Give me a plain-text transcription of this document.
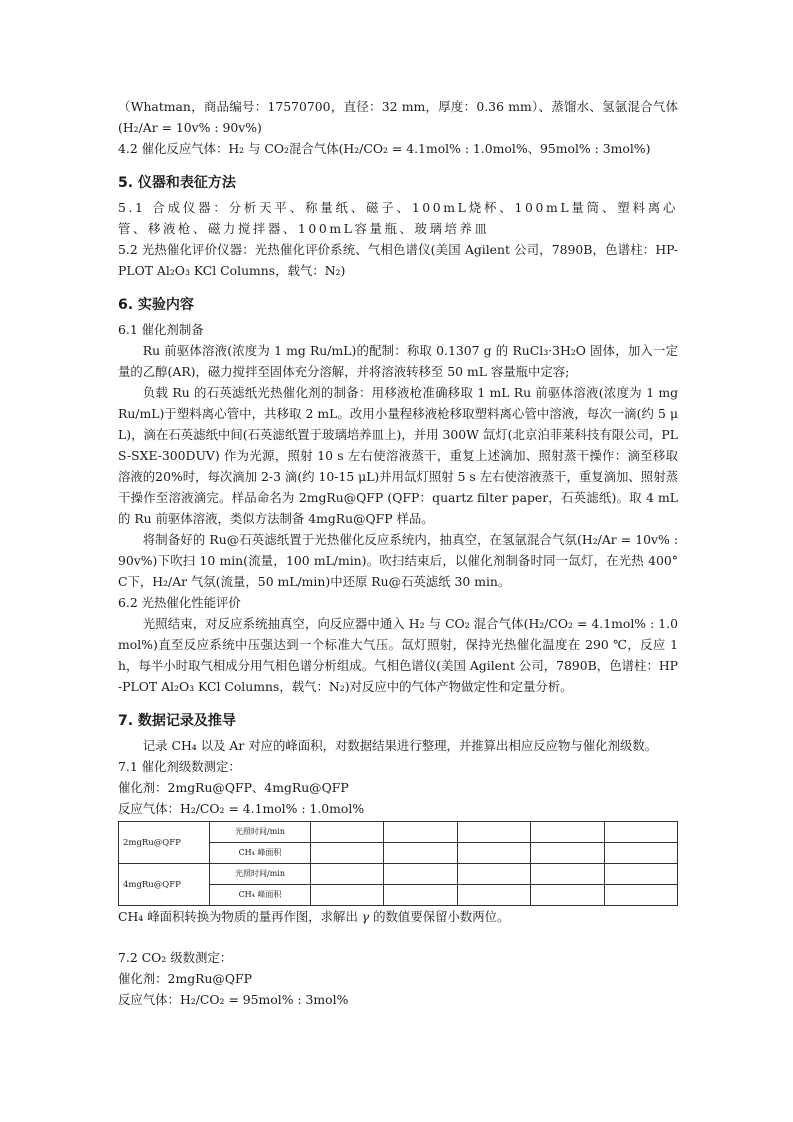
（Whatman，商品编号：17570700，直径：32 mm，厚度：0.36 mm）、蒸馏水、氢氩混合气体(H₂/Ar = 10v% : 90v%)

4.2 催化反应气体：H₂ 与 CO₂混合气体(H₂/CO₂ = 4.1mol% : 1.0mol%、95mol% : 3mol%)

5. 仪器和表征方法

5.1 合成仪器：分析天平、称量纸、磁子、100mL烧杯、100mL量筒、塑料离心管、移液枪、磁力搅拌器、100mL容量瓶、玻璃培养皿

5.2 光热催化评价仪器：光热催化评价系统、气相色谱仪(美国 Agilent 公司，7890B，色谱柱：HP-PLOT Al₂O₃ KCl Columns，载气：N₂)

6. 实验内容

6.1 催化剂制备

Ru 前驱体溶液(浓度为 1 mg Ru/mL)的配制：称取 0.1307 g 的 RuCl₃·3H₂O 固体，加入一定量的乙醇(AR)，磁力搅拌至固体充分溶解，并将溶液转移至 50 mL 容量瓶中定容;

负载 Ru 的石英滤纸光热催化剂的制备：用移液枪准确移取 1 mL Ru 前驱体溶液(浓度为 1 mg Ru/mL)于塑料离心管中，共移取 2 mL。改用小量程移液枪移取塑料离心管中溶液，每次一滴(约 5 μL)，滴在石英滤纸中间(石英滤纸置于玻璃培养皿上)，并用 300W 氙灯(北京泊菲莱科技有限公司，PLS-SXE-300DUV) 作为光源，照射 10 s 左右使溶液蒸干，重复上述滴加、照射蒸干操作：滴至移取溶液的20%时，每次滴加 2-3 滴(约 10-15 μL)并用氙灯照射 5 s 左右使溶液蒸干，重复滴加、照射蒸干操作至溶液滴完。样品命名为 2mgRu@QFP (QFP：quartz filter paper，石英滤纸)。取 4 mL 的 Ru 前驱体溶液，类似方法制备 4mgRu@QFP 样品。

将制备好的 Ru@石英滤纸置于光热催化反应系统内，抽真空，在氢氩混合气氛(H₂/Ar = 10v% : 90v%)下吹扫 10 min(流量，100 mL/min)。吹扫结束后，以催化剂制备时同一氙灯，在光热 400°C下，H₂/Ar 气氛(流量，50 mL/min)中还原 Ru@石英滤纸 30 min。

6.2 光热催化性能评价

光照结束，对反应系统抽真空，向反应器中通入 H₂ 与 CO₂ 混合气体(H₂/CO₂ = 4.1mol% : 1.0mol%)直至反应系统中压强达到一个标准大气压。氙灯照射，保持光热催化温度在 290 ℃，反应 1 h，每半小时取气相成分用气相色谱分析组成。气相色谱仪(美国 Agilent 公司，7890B，色谱柱：HP-PLOT Al₂O₃ KCl Columns，载气：N₂)对反应中的气体产物做定性和定量分析。

7. 数据记录及推导

记录 CH₄ 以及 Ar 对应的峰面积，对数据结果进行整理，并推算出相应反应物与催化剂级数。

7.1 催化剂级数测定：

催化剂：2mgRu@QFP、4mgRu@QFP

反应气体：H₂/CO₂ = 4.1mol% : 1.0mol%

2mgRu@QFP	光照时间/min					
	CH₄ 峰面积					
4mgRu@QFP	光照时间/min					
	CH₄ 峰面积					

CH₄ 峰面积转换为物质的量再作图，求解出 γ 的数值要保留小数两位。

7.2 CO₂ 级数测定：

催化剂：2mgRu@QFP

反应气体：H₂/CO₂ = 95mol% : 3mol%
